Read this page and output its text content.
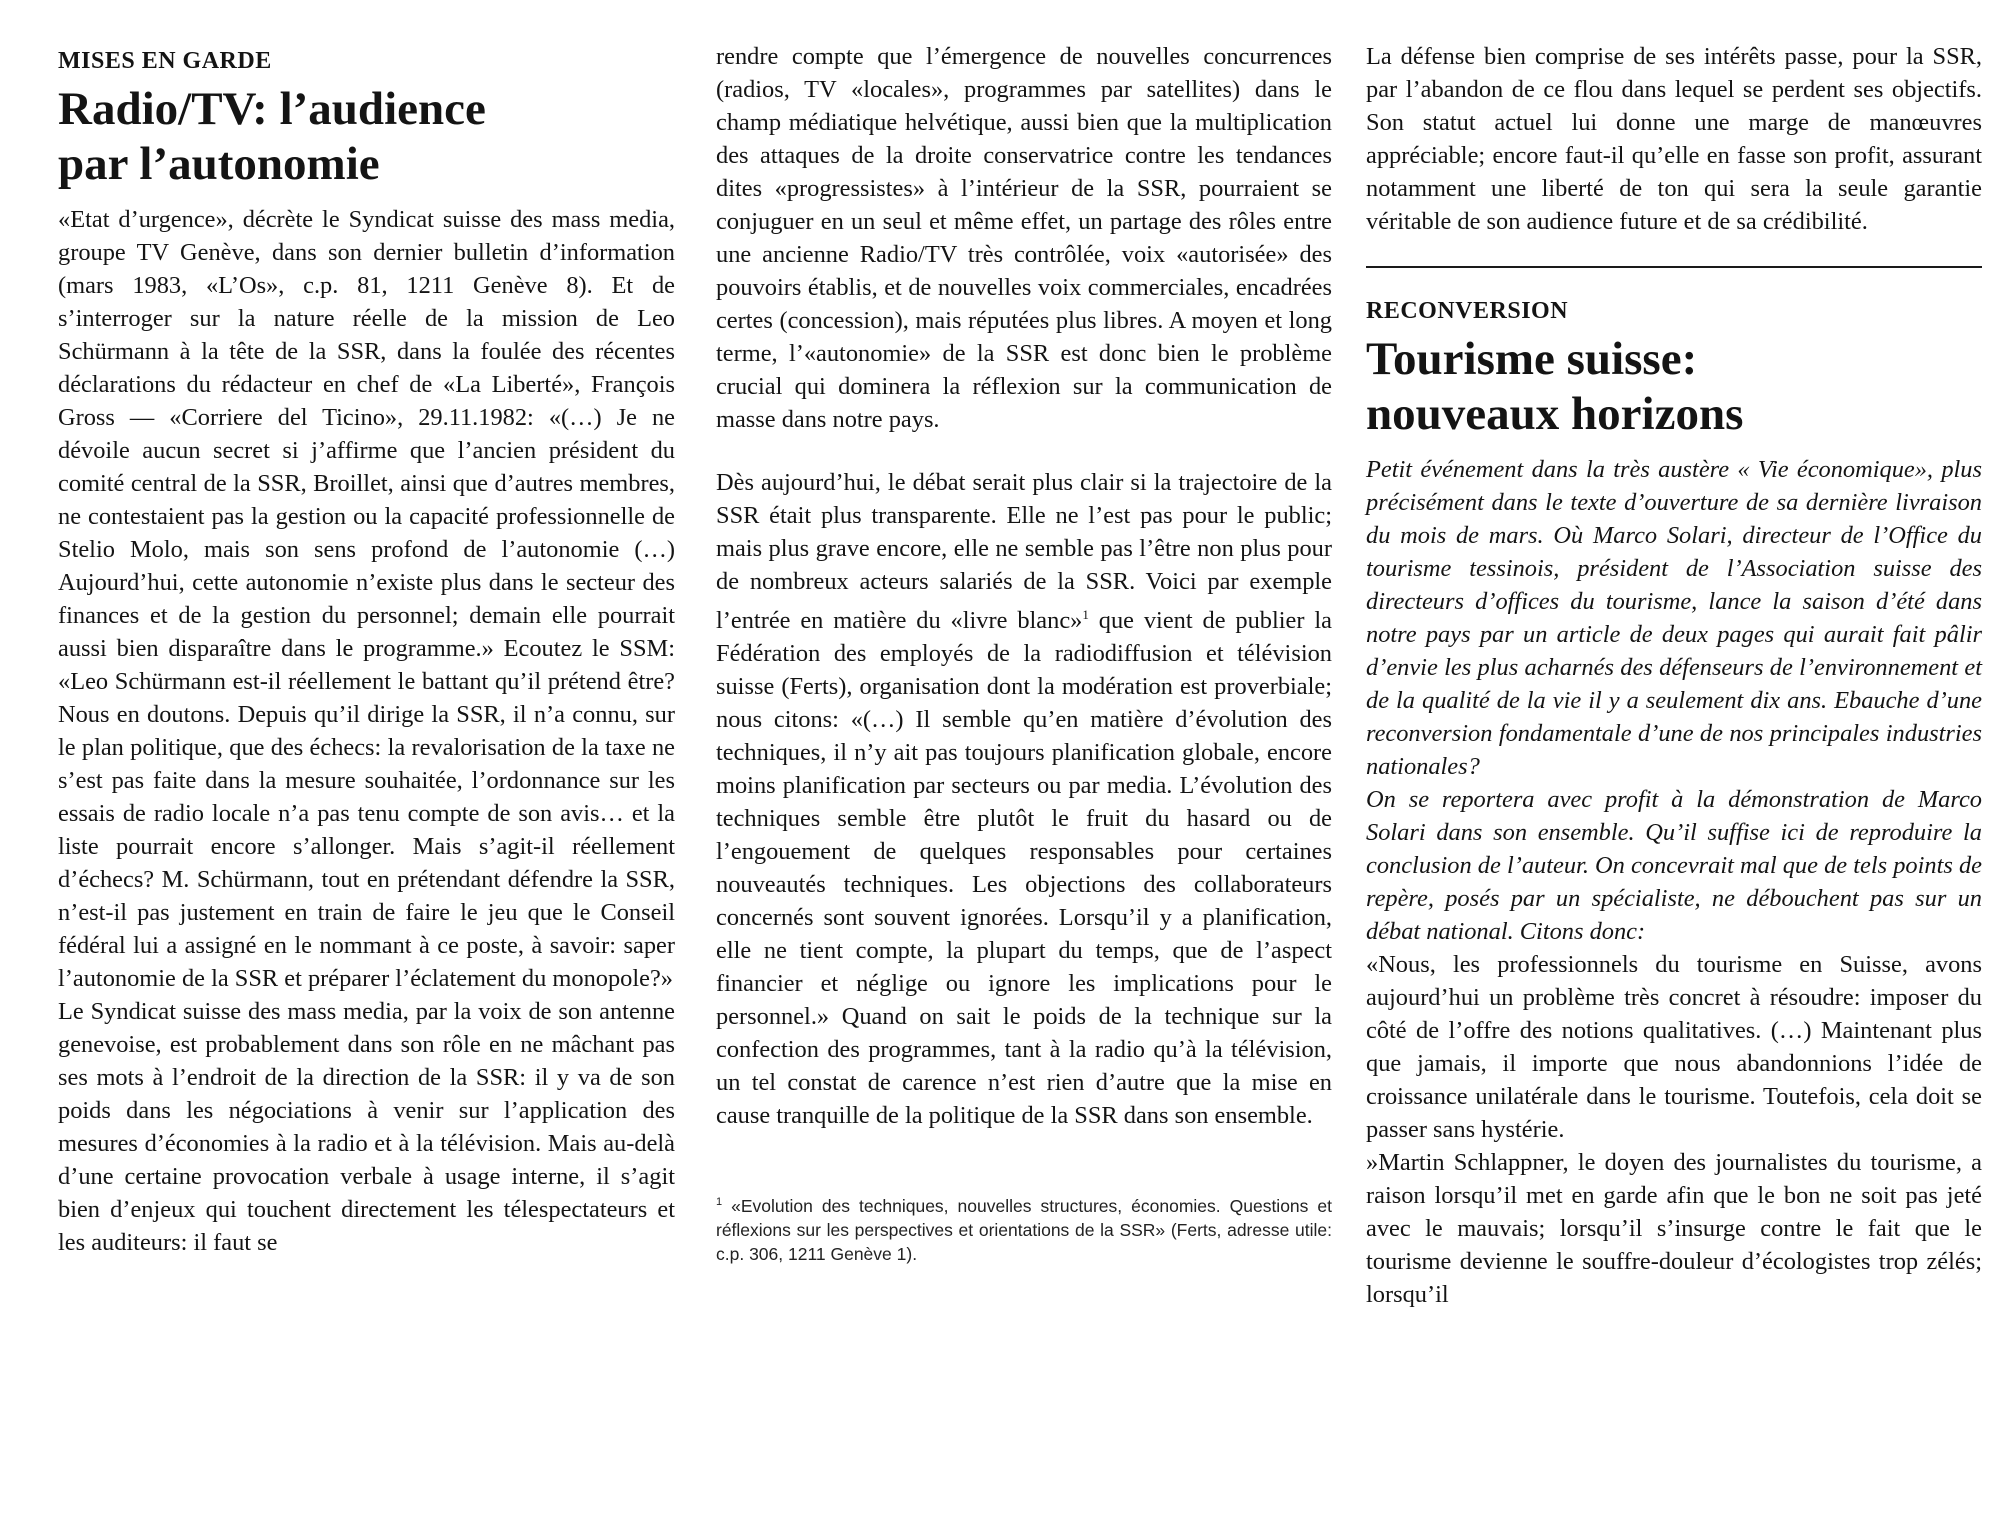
MISES EN GARDE
Radio/TV: l’audience
par l’autonomie

«Etat d’urgence», décrète le Syndicat suisse des mass media, groupe TV Genève, dans son dernier bulletin d’information (mars 1983, «L’Os», c.p. 81, 1211 Genève 8). Et de s’interroger sur la nature réelle de la mission de Leo Schürmann à la tête de la SSR, dans la foulée des récentes déclarations du rédacteur en chef de «La Liberté», François Gross — «Corriere del Ticino», 29.11.1982: «(…) Je ne dévoile aucun secret si j’affirme que l’ancien président du comité central de la SSR, Broillet, ainsi que d’autres membres, ne contestaient pas la gestion ou la capacité professionnelle de Stelio Molo, mais son sens profond de l’autonomie (…) Aujourd’hui, cette autonomie n’existe plus dans le secteur des finances et de la gestion du personnel; demain elle pourrait aussi bien disparaître dans le programme.» Ecoutez le SSM: «Leo Schürmann est-il réellement le battant qu’il prétend être? Nous en doutons. Depuis qu’il dirige la SSR, il n’a connu, sur le plan politique, que des échecs: la revalorisation de la taxe ne s’est pas faite dans la mesure souhaitée, l’ordonnance sur les essais de radio locale n’a pas tenu compte de son avis… et la liste pourrait encore s’allonger. Mais s’agit-il réellement d’échecs? M. Schürmann, tout en prétendant défendre la SSR, n’est-il pas justement en train de faire le jeu que le Conseil fédéral lui a assigné en le nommant à ce poste, à savoir: saper l’autonomie de la SSR et préparer l’éclatement du monopole?»

Le Syndicat suisse des mass media, par la voix de son antenne genevoise, est probablement dans son rôle en ne mâchant pas ses mots à l’endroit de la direction de la SSR: il y va de son poids dans les négociations à venir sur l’application des mesures d’économies à la radio et à la télévision. Mais au-delà d’une certaine provocation verbale à usage interne, il s’agit bien d’enjeux qui touchent directement les télespectateurs et les auditeurs: il faut se

rendre compte que l’émergence de nouvelles concurrences (radios, TV «locales», programmes par satellites) dans le champ médiatique helvétique, aussi bien que la multiplication des attaques de la droite conservatrice contre les tendances dites «progressistes» à l’intérieur de la SSR, pourraient se conjuguer en un seul et même effet, un partage des rôles entre une ancienne Radio/TV très contrôlée, voix «autorisée» des pouvoirs établis, et de nouvelles voix commerciales, encadrées certes (concession), mais réputées plus libres. A moyen et long terme, l’«autonomie» de la SSR est donc bien le problème crucial qui dominera la réflexion sur la communication de masse dans notre pays.

Dès aujourd’hui, le débat serait plus clair si la trajectoire de la SSR était plus transparente. Elle ne l’est pas pour le public; mais plus grave encore, elle ne semble pas l’être non plus pour de nombreux acteurs salariés de la SSR. Voici par exemple l’entrée en matière du «livre blanc»$^1$ que vient de publier la Fédération des employés de la radiodiffusion et télévision suisse (Ferts), organisation dont la modération est proverbiale; nous citons: «(…) Il semble qu’en matière d’évolution des techniques, il n’y ait pas toujours planification globale, encore moins planification par secteurs ou par media. L’évolution des techniques semble être plutôt le fruit du hasard ou de l’engouement de quelques responsables pour certaines nouveautés techniques. Les objections des collaborateurs concernés sont souvent ignorées. Lorsqu’il y a planification, elle ne tient compte, la plupart du temps, que de l’aspect financier et néglige ou ignore les implications pour le personnel.» Quand on sait le poids de la technique sur la confection des programmes, tant à la radio qu’à la télévision, un tel constat de carence n’est rien d’autre que la mise en cause tranquille de la politique de la SSR dans son ensemble.

$^1$ «Evolution des techniques, nouvelles structures, économies. Questions et réflexions sur les perspectives et orientations de la SSR» (Ferts, adresse utile: c.p. 306, 1211 Genève 1).

La défense bien comprise de ses intérêts passe, pour la SSR, par l’abandon de ce flou dans lequel se perdent ses objectifs. Son statut actuel lui donne une marge de manœuvres appréciable; encore faut-il qu’elle en fasse son profit, assurant notamment une liberté de ton qui sera la seule garantie véritable de son audience future et de sa crédibilité.

RECONVERSION
Tourisme suisse:
nouveaux horizons

Petit événement dans la très austère « Vie économique», plus précisément dans le texte d’ouverture de sa dernière livraison du mois de mars. Où Marco Solari, directeur de l’Office du tourisme tessinois, président de l’Association suisse des directeurs d’offices du tourisme, lance la saison d’été dans notre pays par un article de deux pages qui aurait fait pâlir d’envie les plus acharnés des défenseurs de l’environnement et de la qualité de la vie il y a seulement dix ans. Ebauche d’une reconversion fondamentale d’une de nos principales industries nationales?

On se reportera avec profit à la démonstration de Marco Solari dans son ensemble. Qu’il suffise ici de reproduire la conclusion de l’auteur. On concevrait mal que de tels points de repère, posés par un spécialiste, ne débouchent pas sur un débat national. Citons donc:

«Nous, les professionnels du tourisme en Suisse, avons aujourd’hui un problème très concret à résoudre: imposer du côté de l’offre des notions qualitatives. (…) Maintenant plus que jamais, il importe que nous abandonnions l’idée de croissance unilatérale dans le tourisme. Toutefois, cela doit se passer sans hystérie.

»Martin Schlappner, le doyen des journalistes du tourisme, a raison lorsqu’il met en garde afin que le bon ne soit pas jeté avec le mauvais; lorsqu’il s’insurge contre le fait que le tourisme devienne le souffre-douleur d’écologistes trop zélés; lorsqu’il
